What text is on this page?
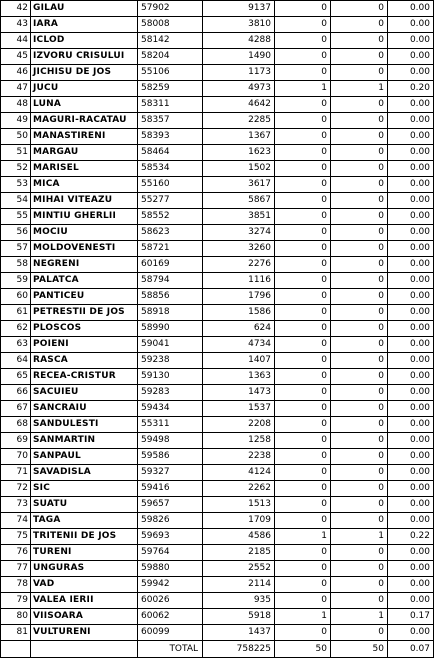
42	GILAU	57902	9137	0	0	0.00
43	IARA	58008	3810	0	0	0.00
44	ICLOD	58142	4288	0	0	0.00
45	IZVORU CRISULUI	58204	1490	0	0	0.00
46	JICHISU DE JOS	55106	1173	0	0	0.00
47	JUCU	58259	4973	1	1	0.20
48	LUNA	58311	4642	0	0	0.00
49	MAGURI-RACATAU	58357	2285	0	0	0.00
50	MANASTIRENI	58393	1367	0	0	0.00
51	MARGAU	58464	1623	0	0	0.00
52	MARISEL	58534	1502	0	0	0.00
53	MICA	55160	3617	0	0	0.00
54	MIHAI VITEAZU	55277	5867	0	0	0.00
55	MINTIU GHERLII	58552	3851	0	0	0.00
56	MOCIU	58623	3274	0	0	0.00
57	MOLDOVENESTI	58721	3260	0	0	0.00
58	NEGRENI	60169	2276	0	0	0.00
59	PALATCA	58794	1116	0	0	0.00
60	PANTICEU	58856	1796	0	0	0.00
61	PETRESTII DE JOS	58918	1586	0	0	0.00
62	PLOSCOS	58990	624	0	0	0.00
63	POIENI	59041	4734	0	0	0.00
64	RASCA	59238	1407	0	0	0.00
65	RECEA-CRISTUR	59130	1363	0	0	0.00
66	SACUIEU	59283	1473	0	0	0.00
67	SANCRAIU	59434	1537	0	0	0.00
68	SANDULESTI	55311	2208	0	0	0.00
69	SANMARTIN	59498	1258	0	0	0.00
70	SANPAUL	59586	2238	0	0	0.00
71	SAVADISLA	59327	4124	0	0	0.00
72	SIC	59416	2262	0	0	0.00
73	SUATU	59657	1513	0	0	0.00
74	TAGA	59826	1709	0	0	0.00
75	TRITENII DE JOS	59693	4586	1	1	0.22
76	TURENI	59764	2185	0	0	0.00
77	UNGURAS	59880	2552	0	0	0.00
78	VAD	59942	2114	0	0	0.00
79	VALEA IERII	60026	935	0	0	0.00
80	VIISOARA	60062	5918	1	1	0.17
81	VULTURENI	60099	1437	0	0	0.00
		TOTAL	758225	50	50	0.07
